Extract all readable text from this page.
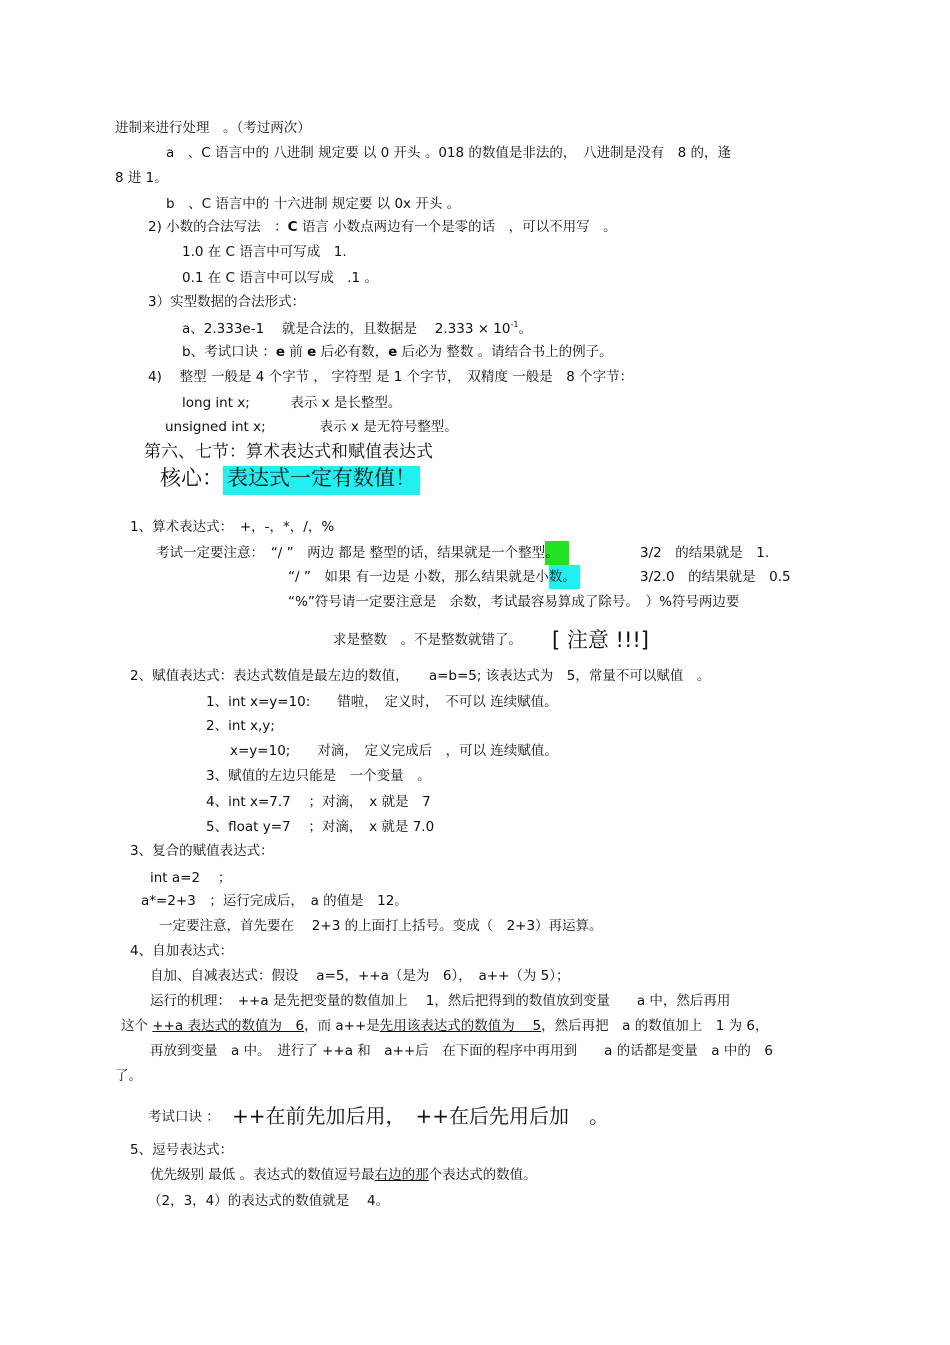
进制来进行处理　。（考过两次）
a　、C 语言中的 八进制 规定要 以 0 开头 。018 的数值是非法的，　八进制是没有　8 的，逢
8 进 1。
b　、C 语言中的 十六进制 规定要 以 0x 开头 。
2) 小数的合法写法　：C 语言 小数点两边有一个是零的话　，可以不用写　。
1.0 在 C 语言中可写成　1.
0.1 在 C 语言中可以写成　.1 。
3）实型数据的合法形式：
a、2.333e-1　 就是合法的，且数据是　 $2.333 \times 10^{-1}$。
b、考试口诀 ：e 前 e 后必有数，e 后必为 整数 。请结合书上的例子。
4)　 整型 一般是 4 个字节 ， 字符型 是 1 个字节，　双精度 一般是　8 个字节：
long int x;　　　表示 x 是长整型。
unsigned int x;　　　　表示 x 是无符号整型。
第六、七节：算术表达式和赋值表达式
核心： 表达式一定有数值！
1、算术表达式：　+，-，*，/，%
考试一定要注意：　“/ ”　两边 都是 整型的话，结果就是一个整型。	3/2　的结果就是　1.
“/ ”　如果 有一边是 小数，那么结果就是小数。	3/2.0　的结果就是　0.5
“%”符号请一定要注意是　余数，考试最容易算成了除号。　）%符号两边要
求是整数　。不是整数就错了。 [ 注意 !!!]
2、赋值表达式：表达式数值是最左边的数值，　　a=b=5; 该表达式为　5，常量不可以赋值　。
1、int x=y=10:　　错啦，　定义时，　不可以 连续赋值。
2、int x,y;
x=y=10;　　对滴，　定义完成后　，可以 连续赋值。
3、赋值的左边只能是　一个变量　。
4、int x=7.7　 ；对滴，　x 就是　7
5、float y=7　 ；对滴，　x 就是 7.0
3、复合的赋值表达式：
int a=2　 ；
a*=2+3　；运行完成后，　a 的值是　12。
一定要注意，首先要在　 2+3 的上面打上括号。变成（　2+3）再运算。
4、自加表达式：
自加、自减表达式：假设　 a=5，++a（是为　6），　a++（为 5）；
运行的机理：　++a 是先把变量的数值加上　 1，然后把得到的数值放到变量　　a 中，然后再用
这个 ++a 表达式的数值为　6，而 a++是先用该表达式的数值为　 5，然后再把　a 的数值加上　1 为 6，
再放到变量　a 中。　进行了 ++a 和　a++后　在下面的程序中再用到　　a 的话都是变量　a 中的　6
了。
考试口诀 ： ++在前先加后用，　++在后先用后加　。
5、逗号表达式：
优先级别 最低 。表达式的数值逗号最右边的那个表达式的数值。
（2，3，4）的表达式的数值就是　 4。
